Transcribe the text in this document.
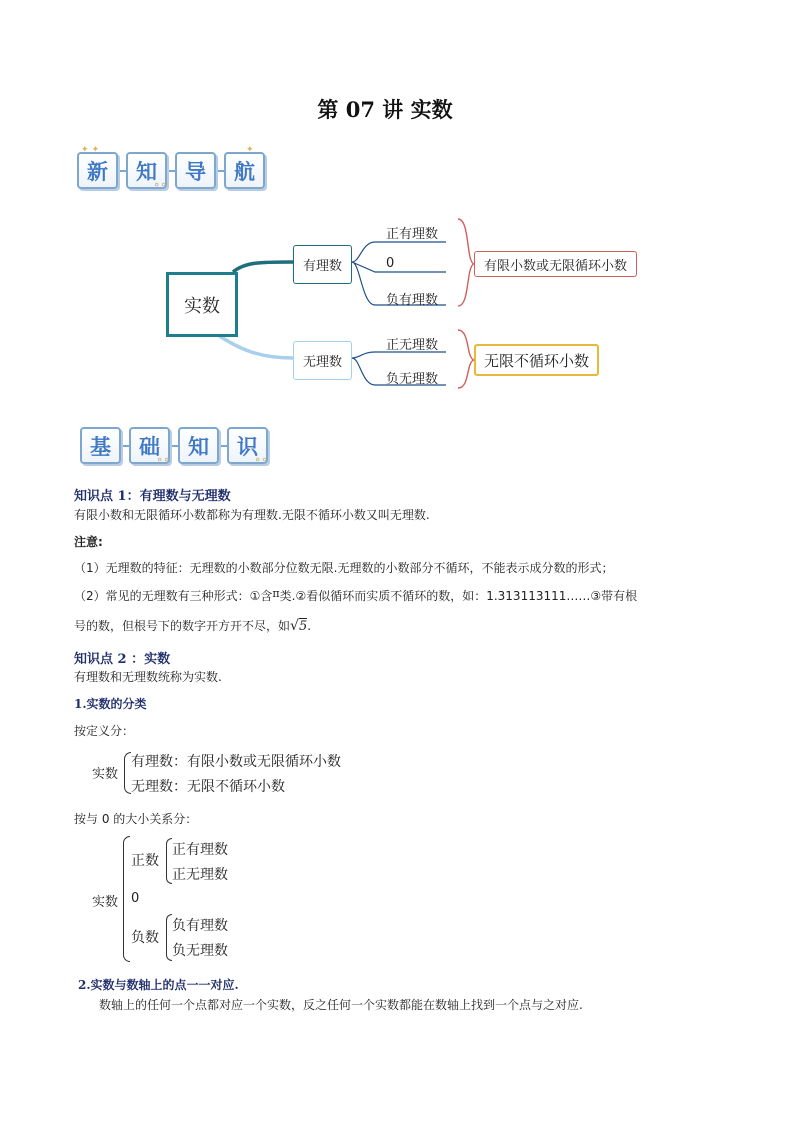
第 07 讲 实数
✦ ✦
新 知
∘∘
导 航
✦
实数
有理数
无理数
正有理数
0
负有理数
正无理数
负无理数
有限小数或无限循环小数
无限不循环小数
基 础
∘∘
知 识
∘∘
知识点 1：有理数与无理数
有限小数和无限循环小数都称为有理数.无限不循环小数又叫无理数.
注意:
（1）无理数的特征：无理数的小数部分位数无限.无理数的小数部分不循环，不能表示成分数的形式；
（2）常见的无理数有三种形式：①含π类.②看似循环而实质不循环的数，如：1.313113111……③带有根
号的数，但根号下的数字开方开不尽，如√5.
知识点 2 ：实数
有理数和无理数统称为实数.
1.实数的分类
按定义分：
实数
有理数：有限小数或无限循环小数
无理数：无限不循环小数
按与 0 的大小关系分：
实数
正数
正有理数
正无理数
0
负数
负有理数
负无理数
2.实数与数轴上的点一一对应.
数轴上的任何一个点都对应一个实数，反之任何一个实数都能在数轴上找到一个点与之对应.
